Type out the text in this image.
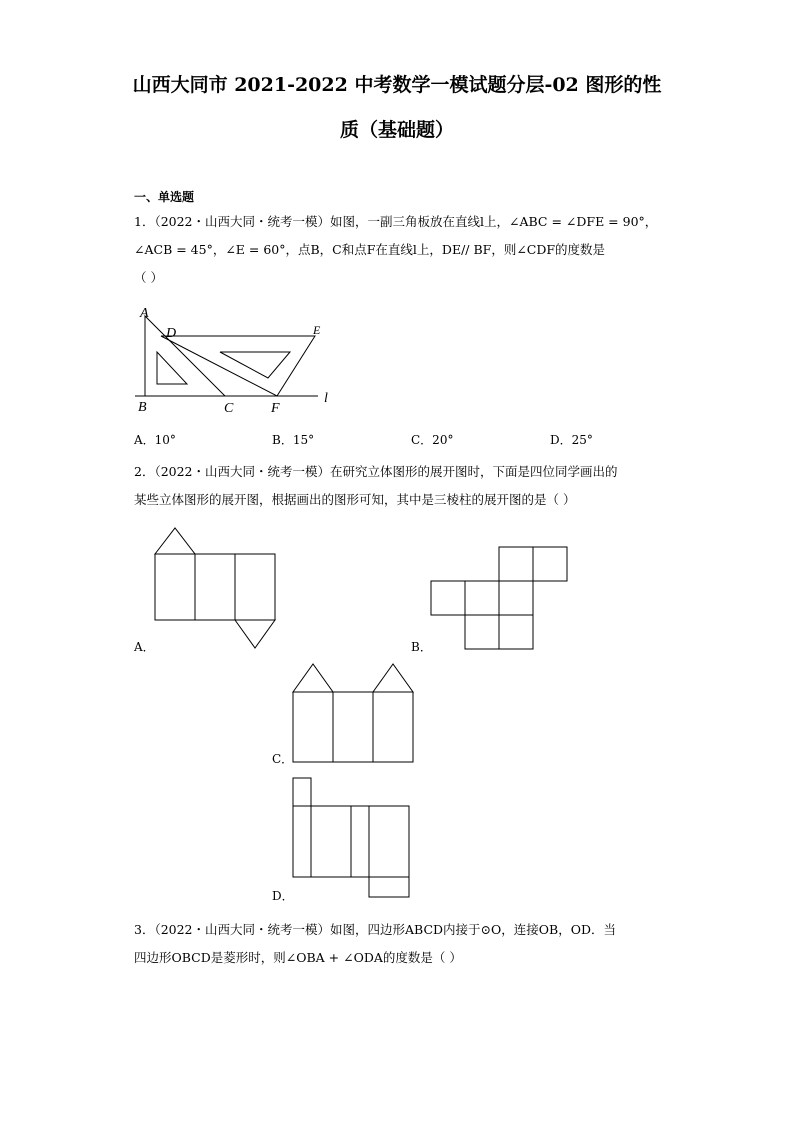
山西大同市 2021-2022 中考数学一模试题分层-02 图形的性
质（基础题）
一、单选题
1．（2022・山西大同・统考一模）如图，一副三角板放在直线l上，∠ABC = ∠DFE = 90°，
∠ACB = 45°，∠E = 60°，点B，C和点F在直线l上，DE// BF，则∠CDF的度数是
（ ）
A
D	E
B	C	F
l
A．10°	B．15°	C．20°	D．25°
2．（2022・山西大同・统考一模）在研究立体图形的展开图时，下面是四位同学画出的
某些立体图形的展开图，根据画出的图形可知，其中是三棱柱的展开图的是（ ）
A．	B．
C．
D．
3．（2022・山西大同・统考一模）如图，四边形ABCD内接于⊙O，连接OB，OD．当
四边形OBCD是菱形时，则∠OBA + ∠ODA的度数是（ ）
